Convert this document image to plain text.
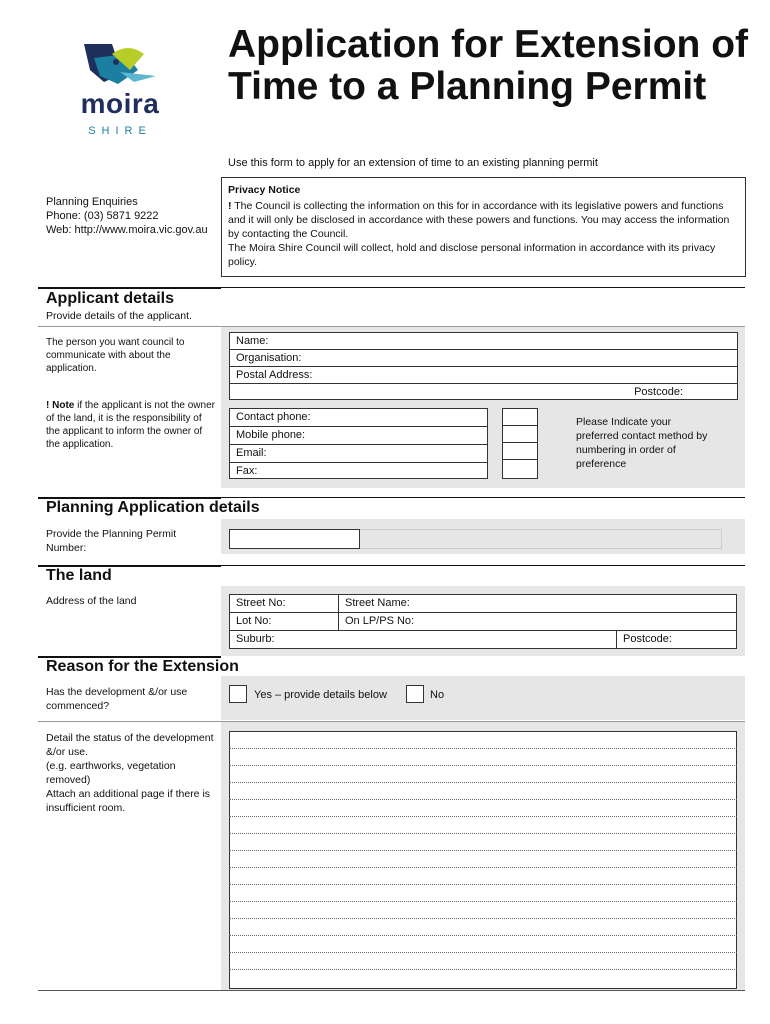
moira
SHIRE
Application for Extension of Time to a Planning Permit
Use this form to apply for an extension of time to an existing planning permit
Planning Enquiries
Phone: (03) 5871 9222
Web: http://www.moira.vic.gov.au
Privacy Notice
! The Council is collecting the information on this for in accordance with its legislative powers and functions and it will only be disclosed in accordance with these powers and functions. You may access the information by contacting the Council.
The Moira Shire Council will collect, hold and disclose personal information in accordance with its privacy policy.
Applicant details
Provide details of the applicant.
The person you want council to communicate with about the application.
! Note if the applicant is not the owner of the land, it is the responsibility of the applicant to inform the owner of the application.
Name:
Organisation:
Postal Address:
Postcode:
Contact phone:
Mobile phone:
Email:
Fax:
Please Indicate your preferred contact method by numbering in order of preference
Planning Application details
Provide the Planning Permit Number:
The land
Address of the land	Street No:	Street Name:
Lot No:	On LP/PS No:
Suburb:	Postcode:
Reason for the Extension
Has the development &/or use commenced?
Yes – provide details below	No
Detail the status of the development &/or use.
(e.g. earthworks, vegetation removed)
Attach an additional page if there is insufficient room.
